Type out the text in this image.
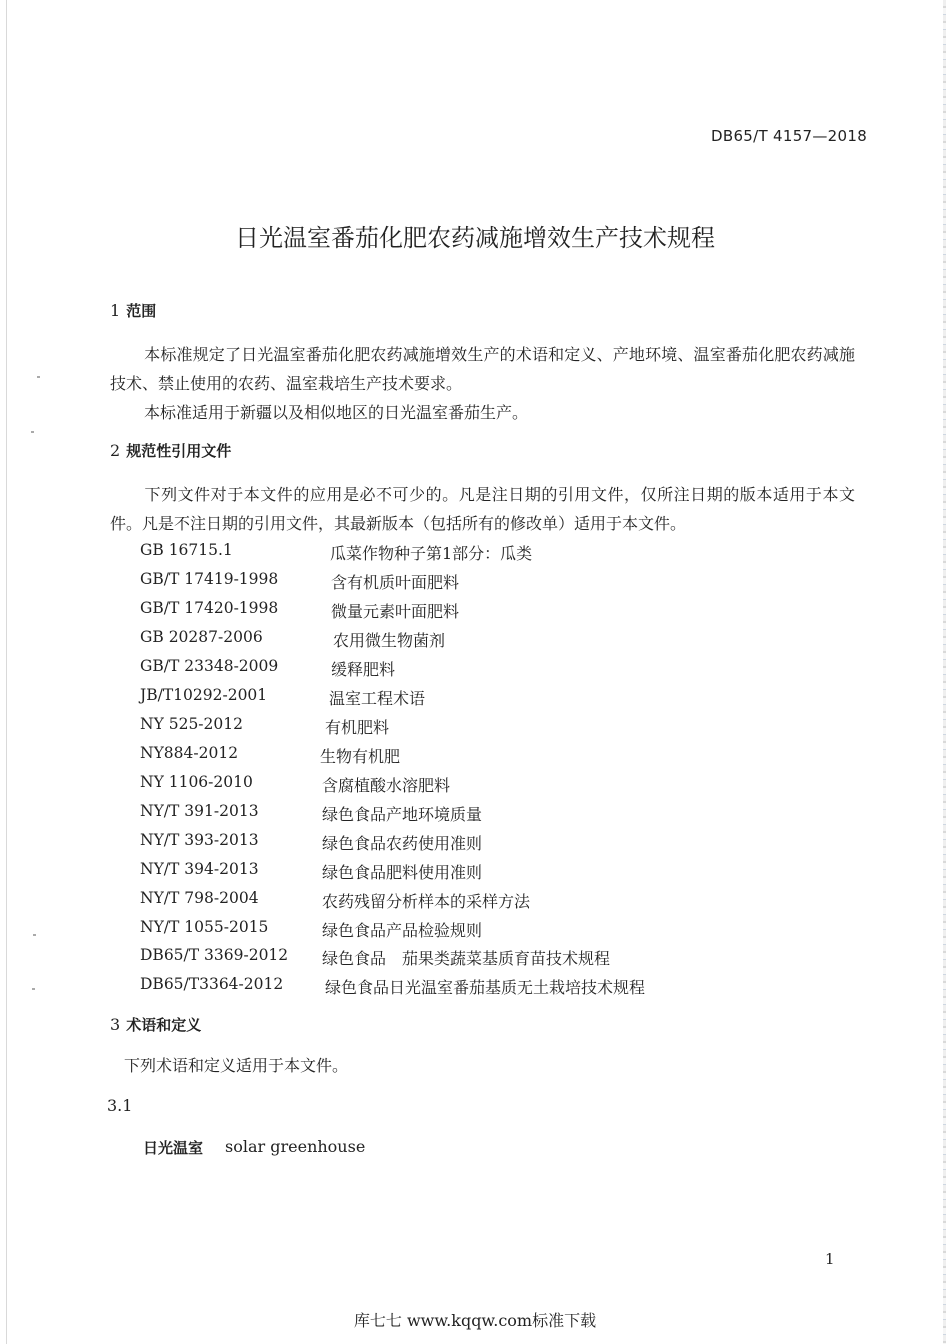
DB65/T 4157—2018
日光温室番茄化肥农药减施增效生产技术规程
1 范围
本标准规定了日光温室番茄化肥农药减施增效生产的术语和定义、产地环境、温室番茄化肥农药减施技术、禁止使用的农药、温室栽培生产技术要求。
本标准适用于新疆以及相似地区的日光温室番茄生产。
2 规范性引用文件
下列文件对于本文件的应用是必不可少的。凡是注日期的引用文件，仅所注日期的版本适用于本文件。凡是不注日期的引用文件，其最新版本（包括所有的修改单）适用于本文件。
GB 16715.1	瓜菜作物种子第1部分：瓜类
GB/T 17419-1998	含有机质叶面肥料
GB/T 17420-1998	微量元素叶面肥料
GB 20287-2006	农用微生物菌剂
GB/T 23348-2009	缓释肥料
JB/T10292-2001	温室工程术语
NY 525-2012	有机肥料
NY884-2012	生物有机肥
NY 1106-2010	含腐植酸水溶肥料
NY/T 391-2013	绿色食品产地环境质量
NY/T 393-2013	绿色食品农药使用准则
NY/T 394-2013	绿色食品肥料使用准则
NY/T 798-2004	农药残留分析样本的采样方法
NY/T 1055-2015	绿色食品产品检验规则
DB65/T 3369-2012 绿色食品　茄果类蔬菜基质育苗技术规程
DB65/T3364-2012	绿色食品日光温室番茄基质无土栽培技术规程
3 术语和定义
下列术语和定义适用于本文件。
3.1
日光温室 solar greenhouse
1
库七七 www.kqqw.com标准下载
